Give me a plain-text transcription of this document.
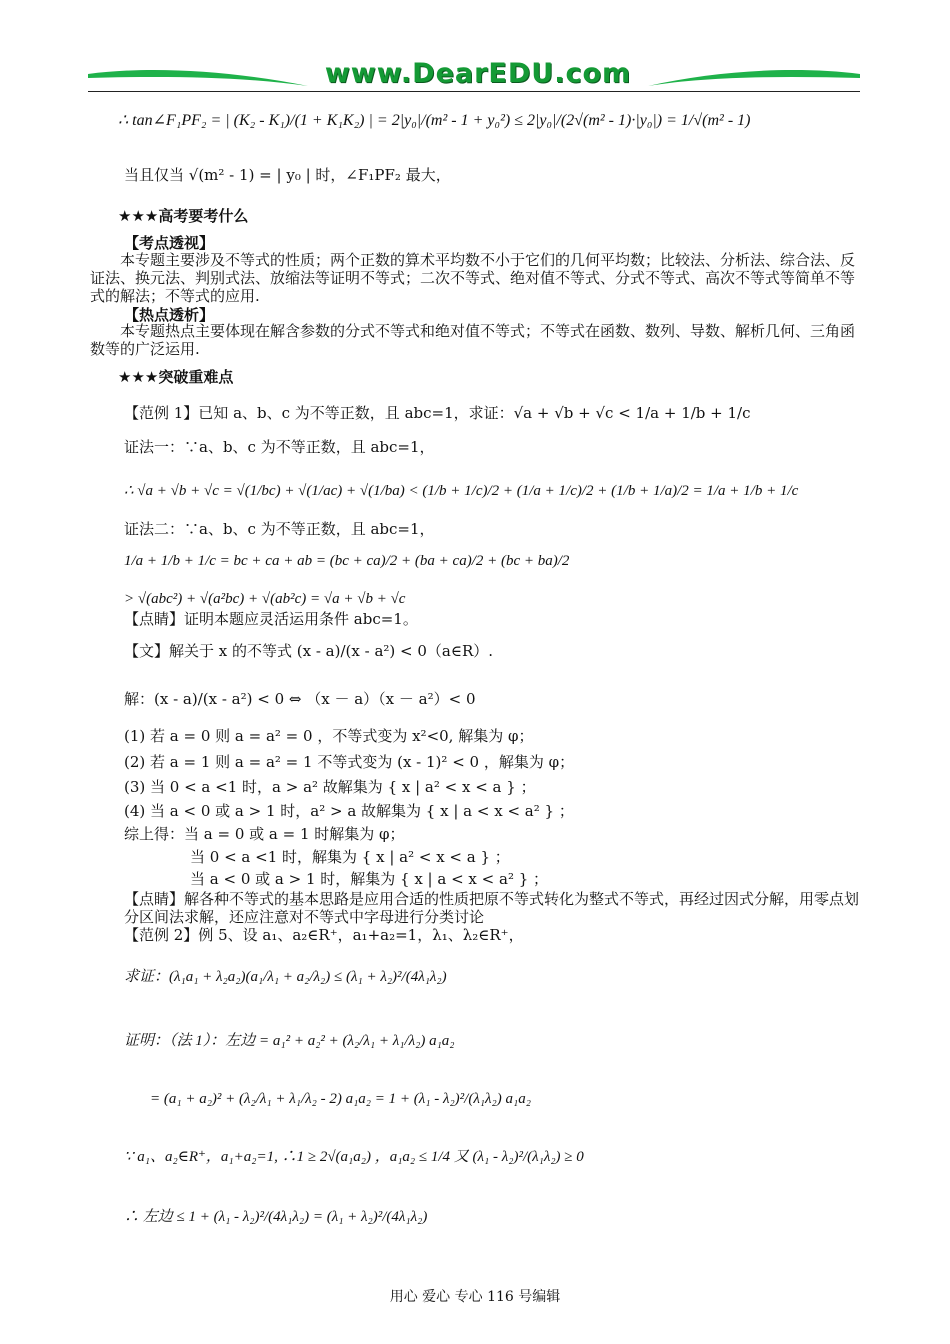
www.DearEDU.com
∴ tan∠F₁PF₂ = | (K₂ - K₁)/(1 + K₁K₂) | = 2|y₀|/(m² - 1 + y₀²) ≤ 2|y₀|/(2√(m² - 1)·|y₀|) = 1/√(m² - 1)
当且仅当 √(m² - 1) = | y₀ | 时，∠F₁PF₂ 最大，
★★★高考要考什么
【考点透视】
本专题主要涉及不等式的性质；两个正数的算术平均数不小于它们的几何平均数；比较法、分析法、综合法、反证法、换元法、判别式法、放缩法等证明不等式；二次不等式、绝对值不等式、分式不等式、高次不等式等简单不等式的解法；不等式的应用.
【热点透析】
本专题热点主要体现在解含参数的分式不等式和绝对值不等式；不等式在函数、数列、导数、解析几何、三角函数等的广泛运用.
★★★突破重难点
【范例 1】已知 a、b、c 为不等正数，且 abc=1，求证：√a + √b + √c < 1/a + 1/b + 1/c
证法一：∵a、b、c 为不等正数，且 abc=1，
∴ √a + √b + √c = √(1/bc) + √(1/ac) + √(1/ba) < (1/b + 1/c)/2 + (1/a + 1/c)/2 + (1/b + 1/a)/2 = 1/a + 1/b + 1/c
证法二：∵a、b、c 为不等正数，且 abc=1，
1/a + 1/b + 1/c = bc + ca + ab = (bc + ca)/2 + (ba + ca)/2 + (bc + ba)/2
> √(abc²) + √(a²bc) + √(ab²c) = √a + √b + √c
【点睛】证明本题应灵活运用条件 abc=1。
【文】解关于 x 的不等式 (x - a)/(x - a²) < 0（a∈R）.
解：(x - a)/(x - a²) < 0 ⇔ （x － a）（x － a²）< 0
(1) 若 a = 0 则 a = a² = 0 ，不等式变为 x²<0, 解集为 φ；
(2) 若 a = 1 则 a = a² = 1 不等式变为 (x - 1)² < 0 ，解集为 φ；
(3) 当 0 < a <1 时，a > a² 故解集为 { x | a² < x < a } ；
(4) 当 a < 0 或 a > 1 时，a² > a 故解集为 { x | a < x < a² } ；
综上得：当 a = 0 或 a = 1 时解集为 φ；
当 0 < a <1 时，解集为 { x | a² < x < a } ；
当 a < 0 或 a > 1 时，解集为 { x | a < x < a² } ；
【点睛】解各种不等式的基本思路是应用合适的性质把原不等式转化为整式不等式，再经过因式分解，用零点划分区间法求解，还应注意对不等式中字母进行分类讨论
【范例 2】例 5、设 a₁、a₂∈R⁺，a₁+a₂=1，λ₁、λ₂∈R⁺，
求证：(λ₁a₁ + λ₂a₂)(a₁/λ₁ + a₂/λ₂) ≤ (λ₁ + λ₂)²/(4λ₁λ₂)
证明：（法 1）：左边 = a₁² + a₂² + (λ₂/λ₁ + λ₁/λ₂) a₁a₂
= (a₁ + a₂)² + (λ₂/λ₁ + λ₁/λ₂ - 2) a₁a₂ = 1 + (λ₁ - λ₂)²/(λ₁λ₂) a₁a₂
∵ a₁、a₂∈R⁺，a₁+a₂=1, ∴1 ≥ 2√(a₁a₂) ，a₁a₂ ≤ 1/4 又 (λ₁ - λ₂)²/(λ₁λ₂) ≥ 0
∴ 左边 ≤ 1 + (λ₁ - λ₂)²/(4λ₁λ₂) = (λ₁ + λ₂)²/(4λ₁λ₂)
用心 爱心 专心 116 号编辑
